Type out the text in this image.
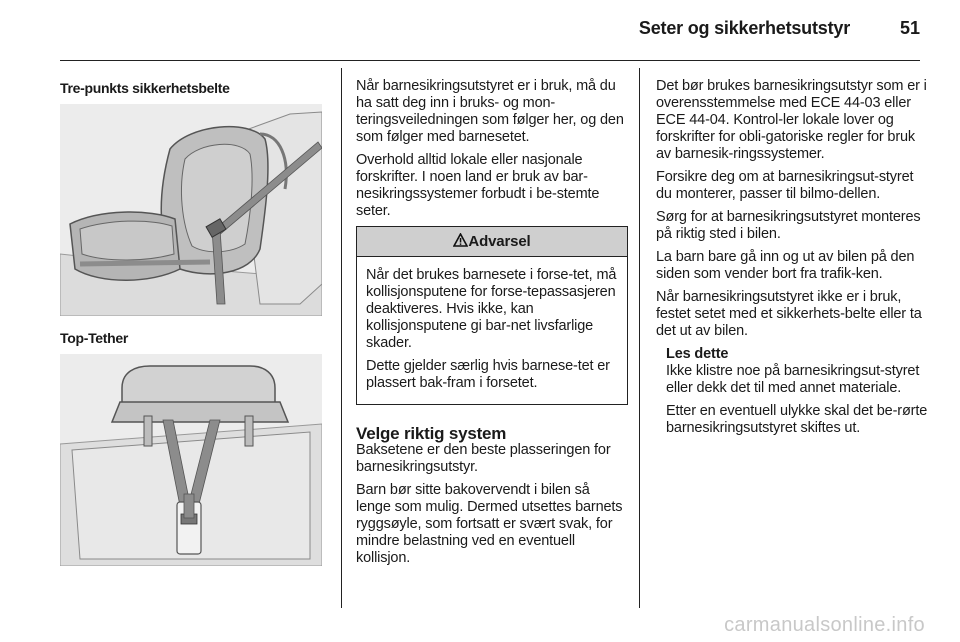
Seter og sikkerhetsutstyr	51
Tre-punkts sikkerhetsbelte
Top-Tether

Når barnesikringsutstyret er i bruk, må du ha satt deg inn i bruks- og mon-teringsveiledningen som følger her, og den som følger med barnesetet.

Overhold alltid lokale eller nasjonale forskrifter. I noen land er bruk av bar-nesikringssystemer forbudt i be-stemte seter.

Advarsel

Når det brukes barnesete i forse-tet, må kollisjonsputene for forse-tepassasjeren deaktiveres. Hvis ikke, kan kollisjonsputene gi bar-net livsfarlige skader.

Dette gjelder særlig hvis barnese-tet er plassert bak-fram i forsetet.

Velge riktig system

Baksetene er den beste plasseringen for barnesikringsutstyr.

Barn bør sitte bakovervendt i bilen så lenge som mulig. Dermed utsettes barnets ryggsøyle, som fortsatt er svært svak, for mindre belastning ved en eventuell kollisjon.

Det bør brukes barnesikringsutstyr som er i overensstemmelse med ECE 44-03 eller ECE 44-04. Kontrol-ler lokale lover og forskrifter for obli-gatoriske regler for bruk av barnesik-ringssystemer.

Forsikre deg om at barnesikringsut-styret du monterer, passer til bilmo-dellen.

Sørg for at barnesikringsutstyret monteres på riktig sted i bilen.

La barn bare gå inn og ut av bilen på den siden som vender bort fra trafik-ken.

Når barnesikringsutstyret ikke er i bruk, festet setet med et sikkerhets-belte eller ta det ut av bilen.

Les dette

Ikke klistre noe på barnesikringsut-styret eller dekk det til med annet materiale.

Etter en eventuell ulykke skal det be-rørte barnesikringsutstyret skiftes ut.

carmanualsonline.info
